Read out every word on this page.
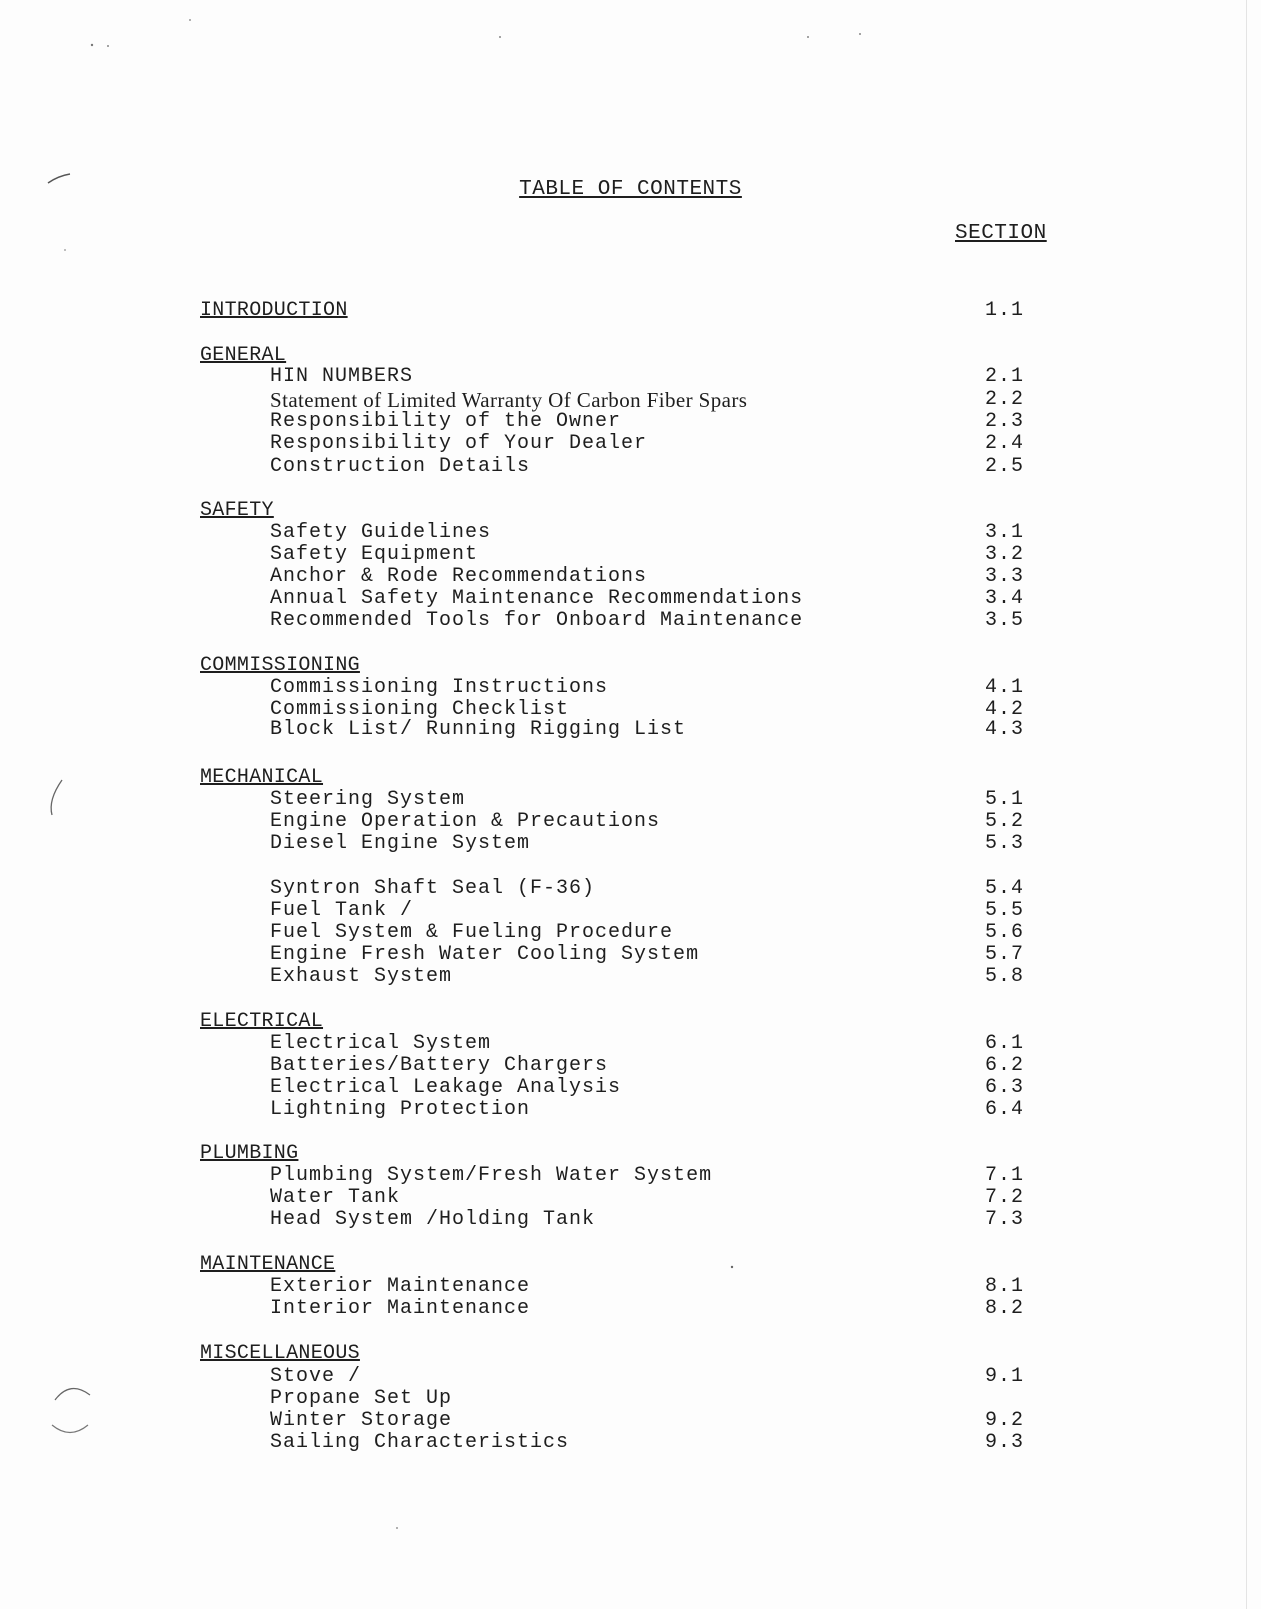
TABLE OF CONTENTS
SECTION
INTRODUCTION	1.1
GENERAL
HIN NUMBERS	2.1
Statement of Limited Warranty Of Carbon Fiber Spars	2.2
Responsibility of the Owner	2.3
Responsibility of Your Dealer	2.4
Construction Details	2.5
SAFETY
Safety Guidelines	3.1
Safety Equipment	3.2
Anchor & Rode Recommendations	3.3
Annual Safety Maintenance Recommendations	3.4
Recommended Tools for Onboard Maintenance	3.5
COMMISSIONING
Commissioning Instructions	4.1
Commissioning Checklist	4.2
Block List/ Running Rigging List	4.3
MECHANICAL
Steering System	5.1
Engine Operation & Precautions	5.2
Diesel Engine System	5.3
Syntron Shaft Seal (F-36)	5.4
Fuel Tank /	5.5
Fuel System & Fueling Procedure	5.6
Engine Fresh Water Cooling System	5.7
Exhaust System	5.8
ELECTRICAL
Electrical System	6.1
Batteries/Battery Chargers	6.2
Electrical Leakage Analysis	6.3
Lightning Protection	6.4
PLUMBING
Plumbing System/Fresh Water System	7.1
Water Tank	7.2
Head System /Holding Tank	7.3
MAINTENANCE
Exterior Maintenance	8.1
Interior Maintenance	8.2
MISCELLANEOUS
Stove /	9.1
Propane Set Up
Winter Storage	9.2
Sailing Characteristics	9.3
